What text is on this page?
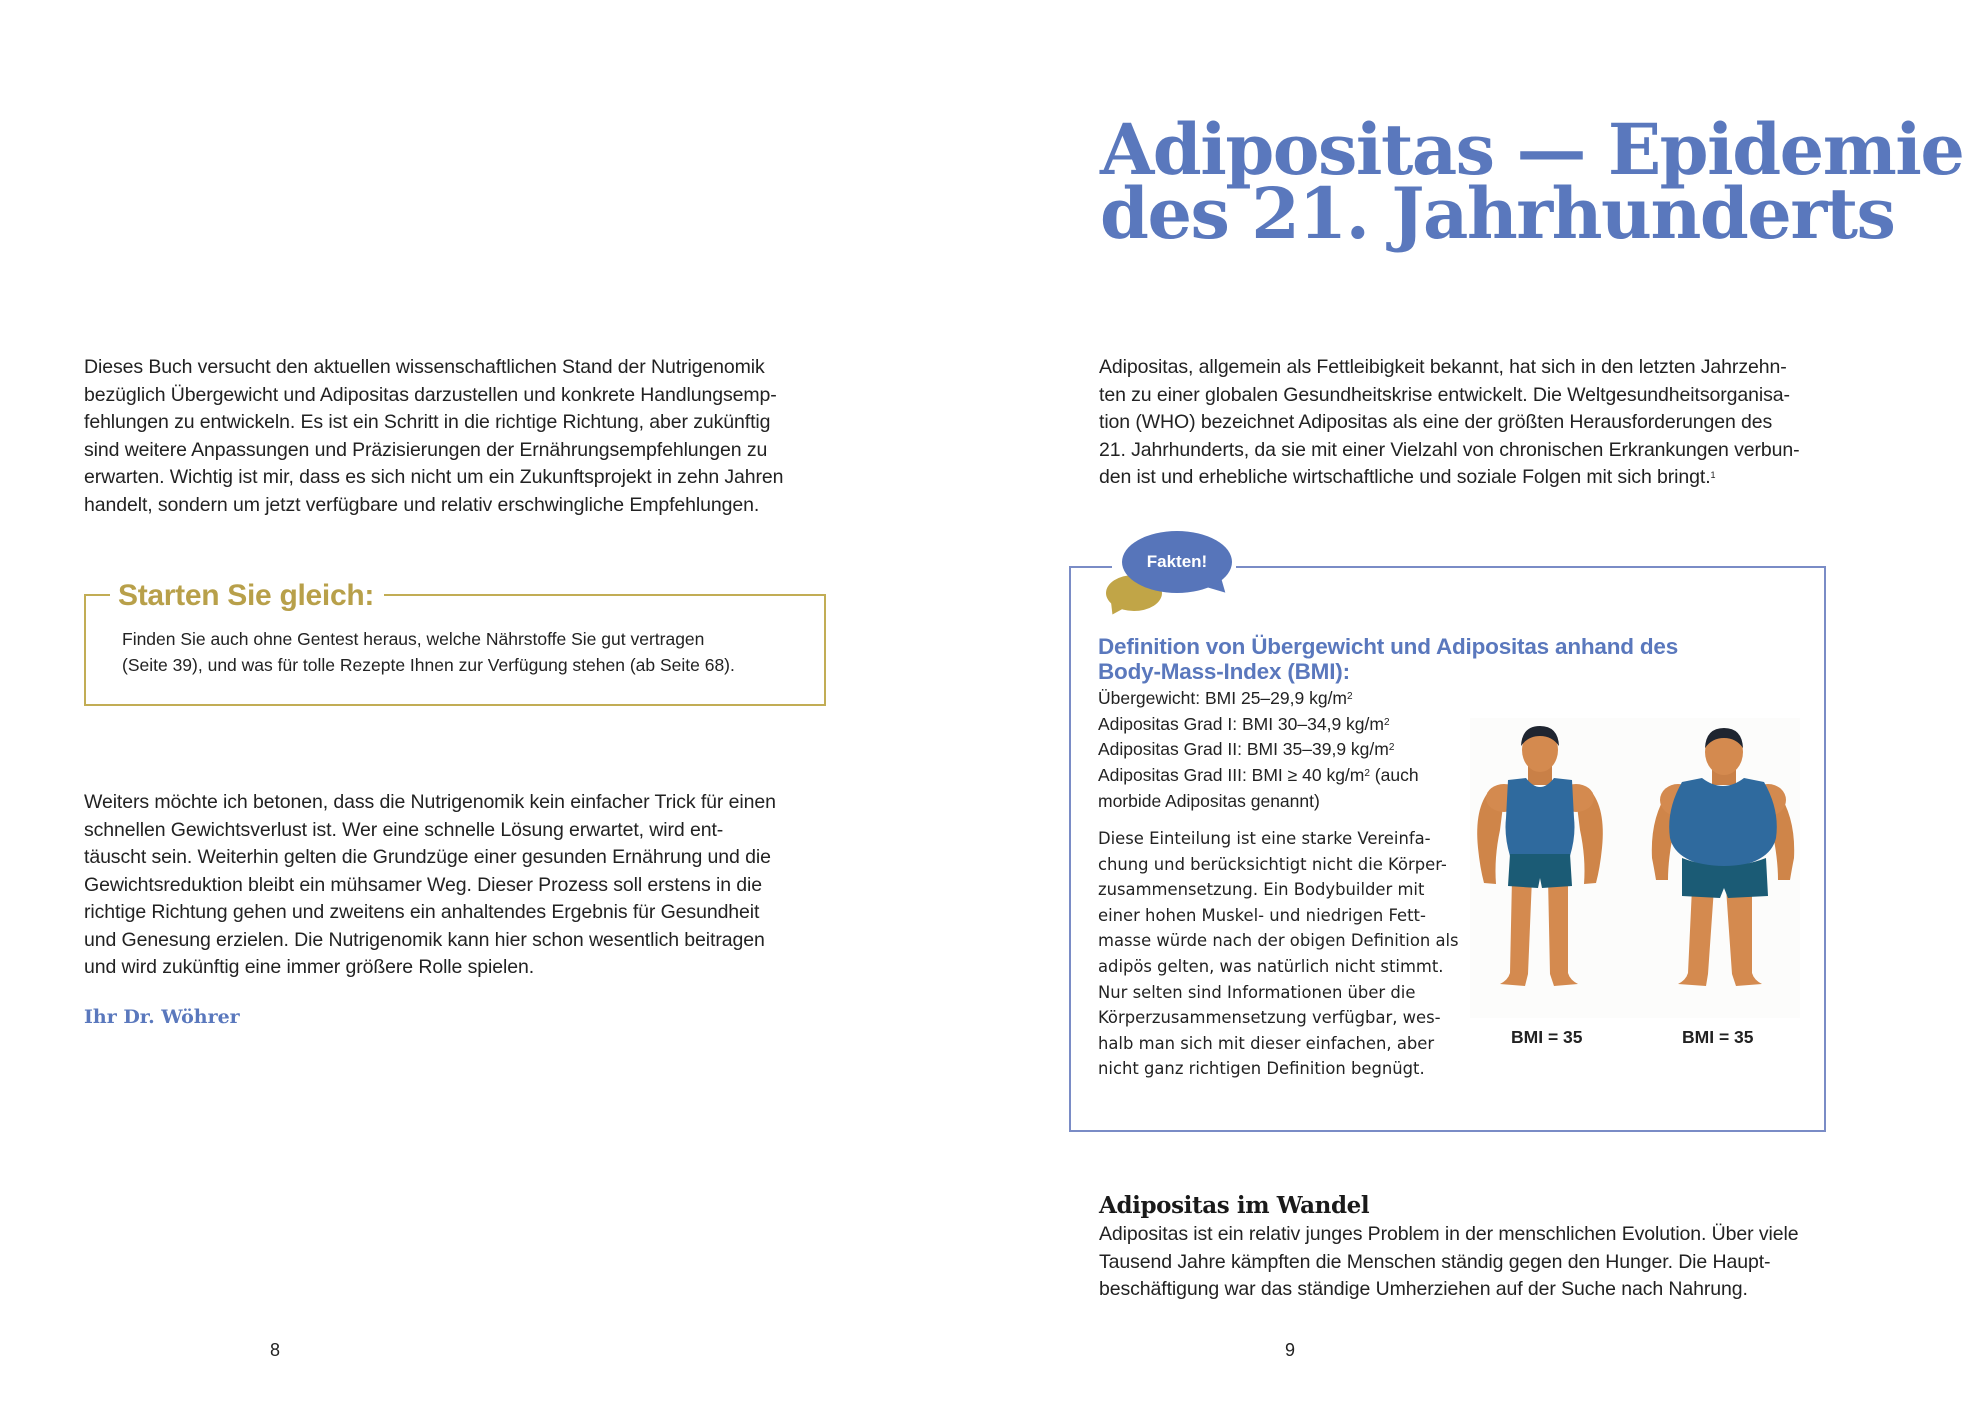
Dieses Buch versucht den aktuellen wissenschaftlichen Stand der Nutrigenomik
bezüglich Übergewicht und Adipositas darzustellen und konkrete Handlungsemp-
fehlungen zu entwickeln. Es ist ein Schritt in die richtige Richtung, aber zukünftig
sind weitere Anpassungen und Präzisierungen der Ernährungsempfehlungen zu
erwarten. Wichtig ist mir, dass es sich nicht um ein Zukunftsprojekt in zehn Jahren
handelt, sondern um jetzt verfügbare und relativ erschwingliche Empfehlungen.
Starten Sie gleich:
Finden Sie auch ohne Gentest heraus, welche Nährstoffe Sie gut vertragen
(Seite 39), und was für tolle Rezepte Ihnen zur Verfügung stehen (ab Seite 68).
Weiters möchte ich betonen, dass die Nutrigenomik kein einfacher Trick für einen
schnellen Gewichtsverlust ist. Wer eine schnelle Lösung erwartet, wird ent-
täuscht sein. Weiterhin gelten die Grundzüge einer gesunden Ernährung und die
Gewichtsreduktion bleibt ein mühsamer Weg. Dieser Prozess soll erstens in die
richtige Richtung gehen und zweitens ein anhaltendes Ergebnis für Gesundheit
und Genesung erzielen. Die Nutrigenomik kann hier schon wesentlich beitragen
und wird zukünftig eine immer größere Rolle spielen.
Ihr Dr. Wöhrer
8
Adipositas — Epidemie
des 21. Jahrhunderts
Adipositas, allgemein als Fettleibigkeit bekannt, hat sich in den letzten Jahrzehn-
ten zu einer globalen Gesundheitskrise entwickelt. Die Weltgesundheitsorganisa-
tion (WHO) bezeichnet Adipositas als eine der größten Herausforderungen des
21. Jahrhunderts, da sie mit einer Vielzahl von chronischen Erkrankungen verbun-
den ist und erhebliche wirtschaftliche und soziale Folgen mit sich bringt.$^1$
Fakten!
Definition von Übergewicht und Adipositas anhand des
Body-Mass-Index (BMI):
Übergewicht: BMI 25–29,9 $kg/m^2$
Adipositas Grad I: BMI 30–34,9 $kg/m^2$
Adipositas Grad II: BMI 35–39,9 $kg/m^2$
Adipositas Grad III: BMI ≥ 40 $kg/m^2$ (auch
morbide Adipositas genannt)
Diese Einteilung ist eine starke Vereinfa-
chung und berücksichtigt nicht die Körper-
zusammensetzung. Ein Bodybuilder mit
einer hohen Muskel- und niedrigen Fett-
masse würde nach der obigen Definition als
adipös gelten, was natürlich nicht stimmt.
Nur selten sind Informationen über die
Körperzusammensetzung verfügbar, wes-
halb man sich mit dieser einfachen, aber
nicht ganz richtigen Definition begnügt.
BMI = 35	BMI = 35
Adipositas im Wandel
Adipositas ist ein relativ junges Problem in der menschlichen Evolution. Über viele
Tausend Jahre kämpften die Menschen ständig gegen den Hunger. Die Haupt-
beschäftigung war das ständige Umherziehen auf der Suche nach Nahrung.
9
